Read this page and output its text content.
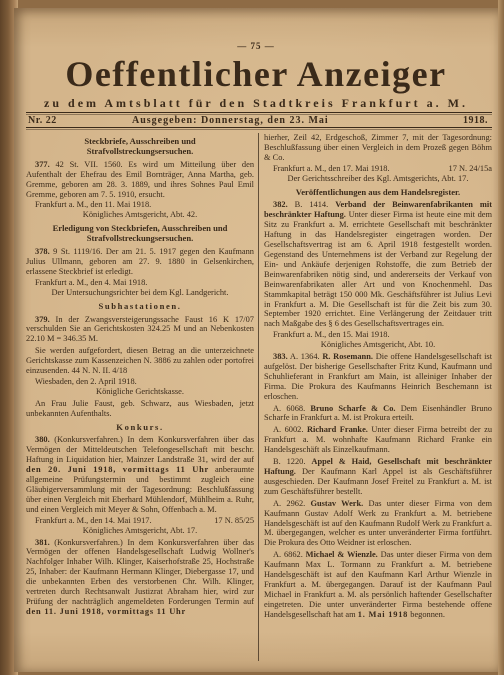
— 75 —
Oeffentlicher Anzeiger
zu dem Amtsblatt für den Stadtkreis Frankfurt a. M.
Nr. 22	Ausgegeben: Donnerstag, den 23. Mai	1918.
Steckbriefe, Ausschreiben und Strafvollstreckungsersuchen.

377. 42 St. VII. 1560. Es wird um Mitteilung über den Aufenthalt der Ehefrau des Emil Bornträger, Anna Martha, geb. Gremme, geboren am 28. 3. 1889, und ihres Sohnes Paul Emil Gremme, geboren am 7. 5. 1910, ersucht.

Frankfurt a. M., den 11. Mai 1918.

Königliches Amtsgericht, Abt. 42.

Erledigung von Steckbriefen, Ausschreiben und Strafvollstreckungsersuchen.

378. 9 St. 1119/16. Der am 21. 5. 1917 gegen den Kaufmann Julius Ullmann, geboren am 27. 9. 1880 in Gelsenkirchen, erlassene Steckbrief ist erledigt.

Frankfurt a. M., den 4. Mai 1918.

Der Untersuchungsrichter bei dem Kgl. Landgericht.

Subhastationen.

379. In der Zwangsversteigerungssache Faust 16 K 17/07 verschulden Sie an Gerichtskosten 324.25 M und an Nebenkosten 22.10 M = 346.35 M.

Sie werden aufgefordert, diesen Betrag an die unterzeichnete Gerichtskasse zum Kassenzeichen N. 3886 zu zahlen oder portofrei einzusenden. 44 N. N. II. 4/18

Wiesbaden, den 2. April 1918.

Königliche Gerichtskasse.

An Frau Julie Faust, geb. Schwarz, aus Wiesbaden, jetzt unbekannten Aufenthalts.

Konkurs.

380. (Konkursverfahren.) In dem Konkursverfahren über das Vermögen der Mitteldeutschen Telefongesellschaft mit beschr. Haftung in Liquidation hier, Mainzer Landstraße 31, wird der auf den 20. Juni 1918, vormittags 11 Uhr anberaumte allgemeine Prüfungstermin und bestimmt zugleich eine Gläubigerversammlung mit der Tagesordnung: Beschlußfassung über einen Vergleich mit Eberhard Mühlendorf, Mühlheim a. Ruhr, und einen Vergleich mit Meyer & Sohn, Offenbach a. M.

Frankfurt a. M., den 14. Mai 1917.	17 N. 85/25

Königliches Amtsgericht, Abt. 17.

381. (Konkursverfahren.) In dem Konkursverfahren über das Vermögen der offenen Handelsgesellschaft Ludwig Wollner's Nachfolger Inhaber Wilh. Klinger, Kaiserhofstraße 25, Hochstraße 25, Inhaber: der Kaufmann Hermann Klinger, Diebergasse 17, und die unbekannten Erben des verstorbenen Chr. Wilh. Klinger, vertreten durch Rechtsanwalt Justizrat Abraham hier, wird zur Prüfung der nachträglich angemeldeten Forderungen Termin auf den 11. Juni 1918, vormittags 11 Uhr

hierher, Zeil 42, Erdgeschoß, Zimmer 7, mit der Tagesordnung: Beschlußfassung über einen Vergleich in dem Prozeß gegen Böhm & Co.

Frankfurt a. M., den 17. Mai 1918.	17 N. 24/15a

Der Gerichtsschreiber des Kgl. Amtsgerichts, Abt. 17.

Veröffentlichungen aus dem Handelsregister.

382. B. 1414. Verband der Beinwarenfabrikanten mit beschränkter Haftung. Unter dieser Firma ist heute eine mit dem Sitz zu Frankfurt a. M. errichtete Gesellschaft mit beschränkter Haftung in das Handelsregister eingetragen worden. Der Gesellschaftsvertrag ist am 6. April 1918 festgestellt worden. Gegenstand des Unternehmens ist der Verband zur Regelung der Ein- und Ankäufe derjenigen Rohstoffe, die zum Betrieb der Beinwarenfabriken nötig sind, und andererseits der Verkauf von Beinwarenfabrikaten aller Art und von Knochenmehl. Das Stammkapital beträgt 150 000 Mk. Geschäftsführer ist Julius Levi in Frankfurt a. M. Die Gesellschaft ist für die Zeit bis zum 30. September 1920 errichtet. Eine Verlängerung der Zeitdauer tritt nach Maßgabe des § 6 des Gesellschaftsvertrages ein.

Frankfurt a. M., den 15. Mai 1918.

Königliches Amtsgericht, Abt. 10.

383. A. 1364. R. Rosemann. Die offene Handelsgesellschaft ist aufgelöst. Der bisherige Gesellschafter Fritz Kund, Kaufmann und Schuhlieferant in Frankfurt am Main, ist alleiniger Inhaber der Firma. Die Prokura des Kaufmanns Heinrich Beschemann ist erloschen.

A. 6068. Bruno Scharfe & Co. Dem Eisenhändler Bruno Scharfe in Frankfurt a. M. ist Prokura erteilt.

A. 6002. Richard Franke. Unter dieser Firma betreibt der zu Frankfurt a. M. wohnhafte Kaufmann Richard Franke ein Handelsgeschäft als Einzelkaufmann.

B. 1220. Appel & Haid, Gesellschaft mit beschränkter Haftung. Der Kaufmann Karl Appel ist als Geschäftsführer ausgeschieden. Der Kaufmann Josef Freitel zu Frankfurt a. M. ist zum Geschäftsführer bestellt.

A. 2962. Gustav Werk. Das unter dieser Firma von dem Kaufmann Gustav Adolf Werk zu Frankfurt a. M. betriebene Handelsgeschäft ist auf den Kaufmann Rudolf Werk zu Frankfurt a. M. übergegangen, welcher es unter unveränderter Firma fortführt. Die Prokura des Otto Weidner ist erloschen.

A. 6862. Michael & Wienzle. Das unter dieser Firma von dem Kaufmann Max L. Tormann zu Frankfurt a. M. betriebene Handelsgeschäft ist auf den Kaufmann Karl Arthur Wienzle in Frankfurt a. M. übergegangen. Darauf ist der Kaufmann Paul Michael in Frankfurt a. M. als persönlich haftender Gesellschafter eingetreten. Die unter unveränderter Firma bestehende offene Handelsgesellschaft hat am 1. Mai 1918 begonnen.
